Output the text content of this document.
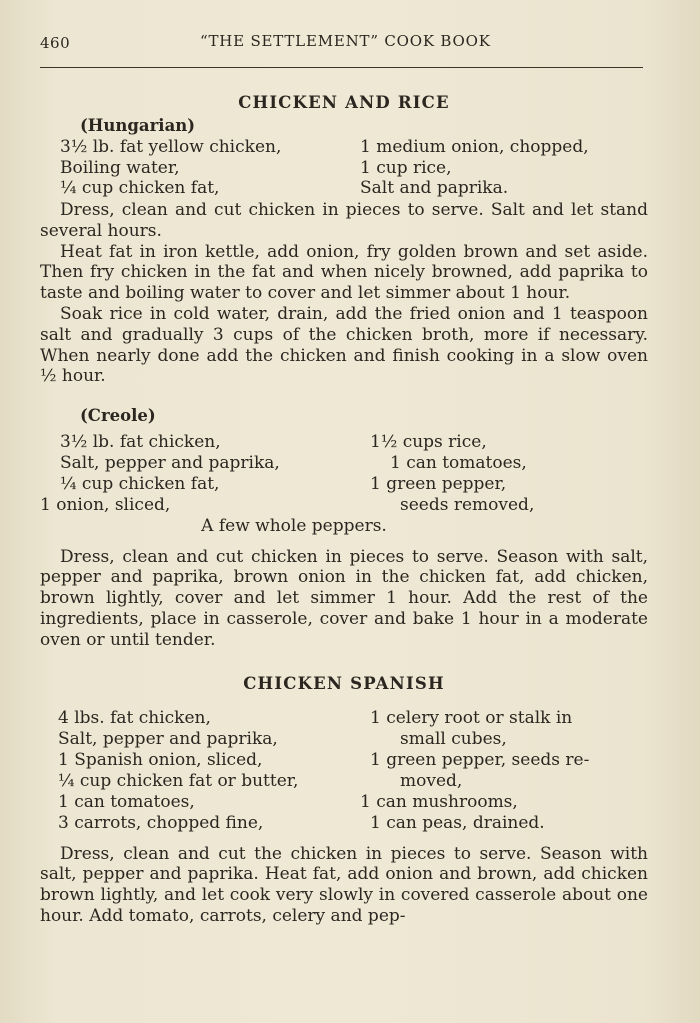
460	“THE SETTLEMENT” COOK BOOK
CHICKEN AND RICE
(Hungarian)
3½ lb. fat yellow chicken,
Boiling water,
¼ cup chicken fat,
1 medium onion, chopped,
1 cup rice,
Salt and paprika.

Dress, clean and cut chicken in pieces to serve. Salt and let stand several hours.

Heat fat in iron kettle, add onion, fry golden brown and set aside. Then fry chicken in the fat and when nicely browned, add paprika to taste and boiling water to cover and let simmer about 1 hour.

Soak rice in cold water, drain, add the fried onion and 1 teaspoon salt and gradually 3 cups of the chicken broth, more if necessary. When nearly done add the chicken and finish cooking in a slow oven ½ hour.

(Creole)
3½ lb. fat chicken,
Salt, pepper and paprika,
¼ cup chicken fat,
1 onion, sliced,
1½ cups rice,
1 can tomatoes,
1 green pepper,
seeds removed,
A few whole peppers.

Dress, clean and cut chicken in pieces to serve. Season with salt, pepper and paprika, brown onion in the chicken fat, add chicken, brown lightly, cover and let simmer 1 hour. Add the rest of the ingredients, place in casserole, cover and bake 1 hour in a moderate oven or until tender.

CHICKEN SPANISH
4 lbs. fat chicken,
Salt, pepper and paprika,
1 Spanish onion, sliced,
¼ cup chicken fat or butter,
1 can tomatoes,
3 carrots, chopped fine,
1 celery root or stalk in
small cubes,
1 green pepper, seeds re-
moved,
1 can mushrooms,
1 can peas, drained.

Dress, clean and cut the chicken in pieces to serve. Season with salt, pepper and paprika. Heat fat, add onion and brown, add chicken brown lightly, and let cook very slowly in covered casserole about one hour. Add tomato, carrots, celery and pep-
